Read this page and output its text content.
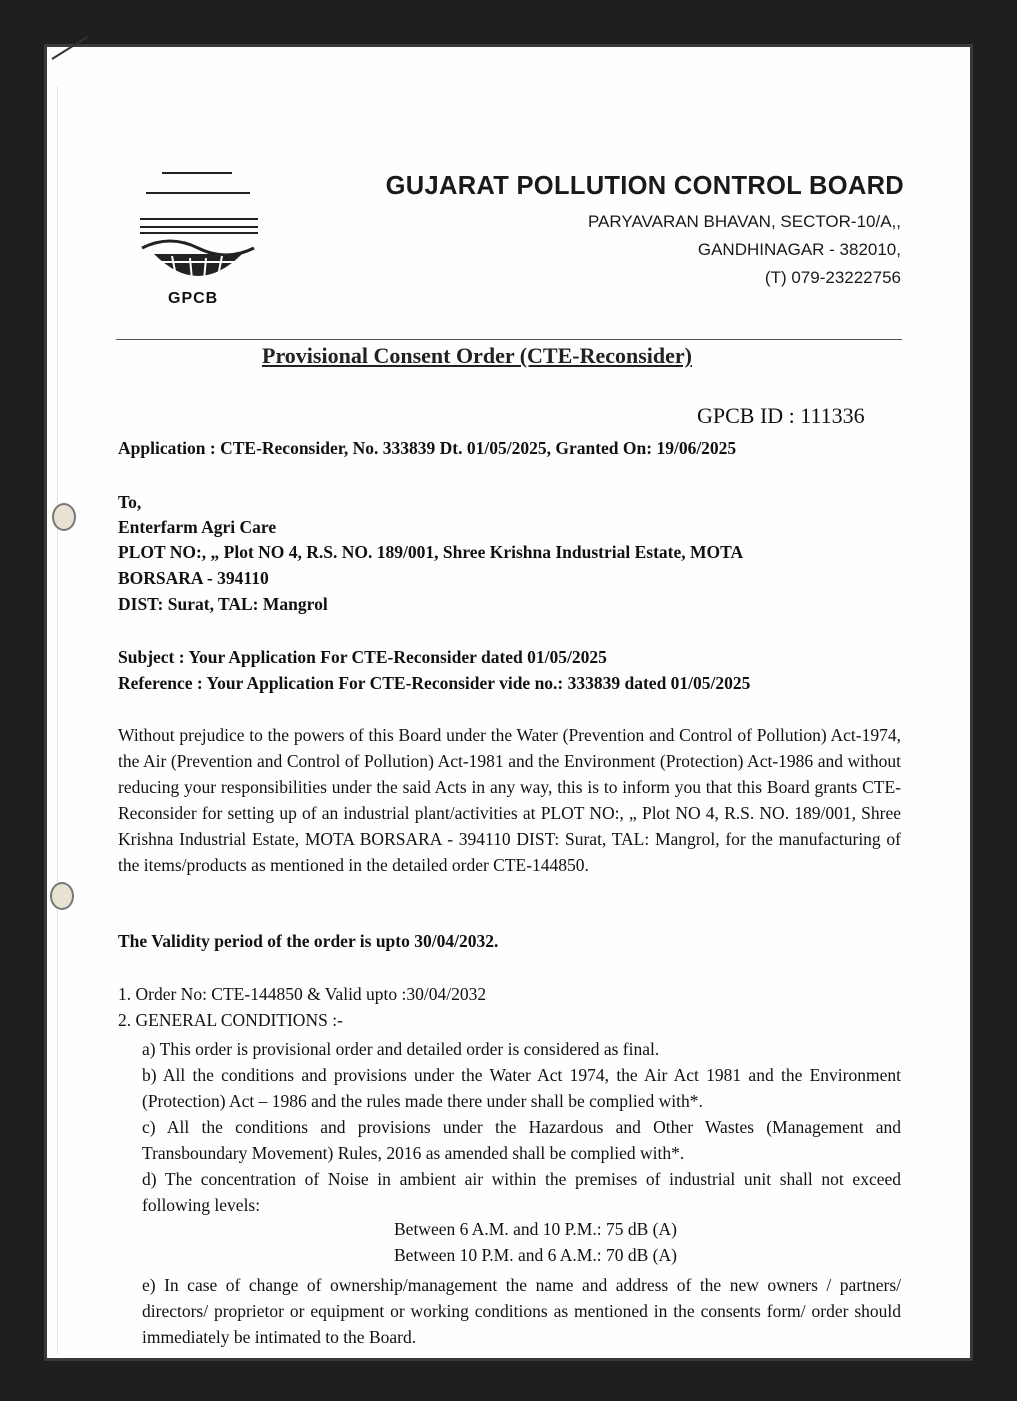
GPCB
GUJARAT POLLUTION CONTROL BOARD
PARYAVARAN BHAVAN, SECTOR-10/A,,
GANDHINAGAR - 382010,
(T) 079-23222756
Provisional Consent Order (CTE-Reconsider)
GPCB ID : 111336
Application : CTE-Reconsider, No. 333839 Dt. 01/05/2025, Granted On: 19/06/2025
To,
Enterfarm Agri Care
PLOT NO:, „ Plot NO 4, R.S. NO. 189/001, Shree Krishna Industrial Estate, MOTA
BORSARA - 394110
DIST: Surat, TAL: Mangrol
Subject : Your Application For CTE-Reconsider dated 01/05/2025
Reference : Your Application For CTE-Reconsider vide no.: 333839 dated 01/05/2025
Without prejudice to the powers of this Board under the Water (Prevention and Control of Pollution) Act-1974, the Air (Prevention and Control of Pollution) Act-1981 and the Environment (Protection) Act-1986 and without reducing your responsibilities under the said Acts in any way, this is to inform you that this Board grants CTE-Reconsider for setting up of an industrial plant/activities at PLOT NO:, „ Plot NO 4, R.S. NO. 189/001, Shree Krishna Industrial Estate, MOTA BORSARA - 394110 DIST: Surat, TAL: Mangrol, for the manufacturing of the items/products as mentioned in the detailed order CTE-144850.
The Validity period of the order is upto 30/04/2032.
1. Order No: CTE-144850 & Valid upto :30/04/2032
2. GENERAL CONDITIONS :-
a) This order is provisional order and detailed order is considered as final.
b) All the conditions and provisions under the Water Act 1974, the Air Act 1981 and the Environment (Protection) Act – 1986 and the rules made there under shall be complied with*.
c) All the conditions and provisions under the Hazardous and Other Wastes (Management and Transboundary Movement) Rules, 2016 as amended shall be complied with*.
d) The concentration of Noise in ambient air within the premises of industrial unit shall not exceed following levels:
Between 6 A.M. and 10 P.M.: 75 dB (A)
Between 10 P.M. and 6 A.M.: 70 dB (A)
e) In case of change of ownership/management the name and address of the new owners / partners/ directors/ proprietor or equipment or working conditions as mentioned in the consents form/ order should immediately be intimated to the Board.
